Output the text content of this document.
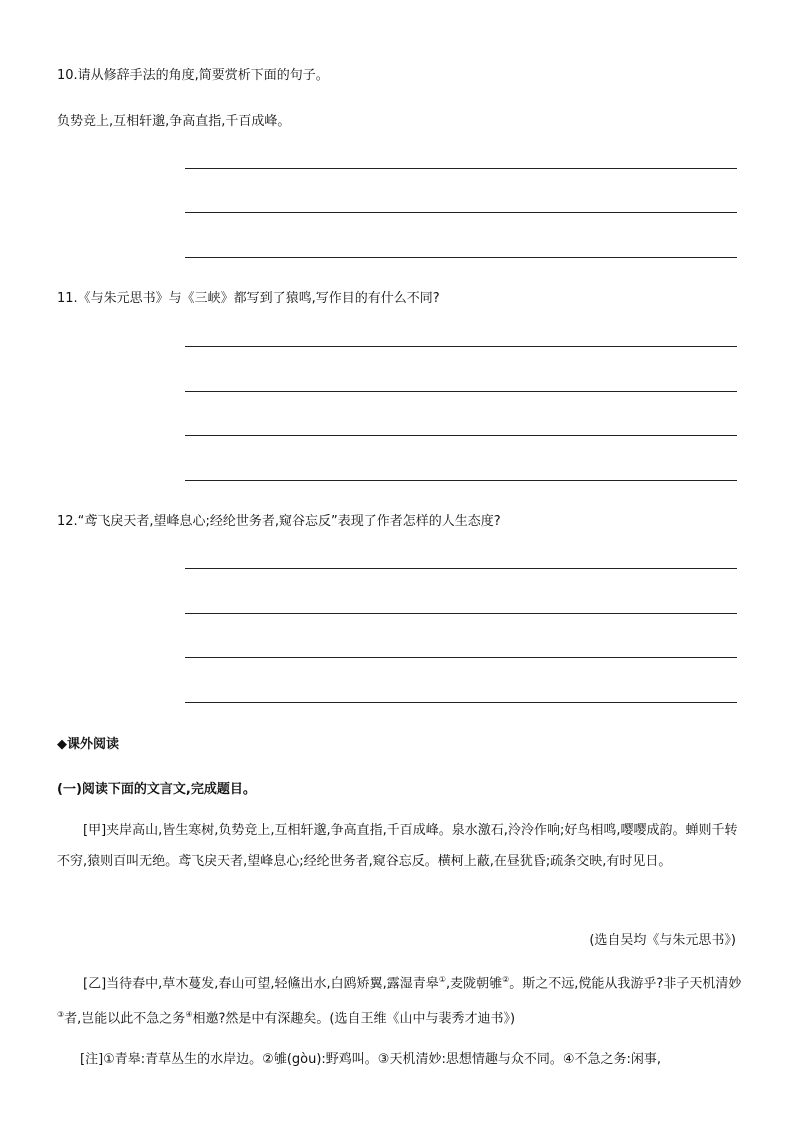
10.请从修辞手法的角度,简要赏析下面的句子。
负势竞上,互相轩邈,争高直指,千百成峰。
11.《与朱元思书》与《三峡》都写到了猿鸣,写作目的有什么不同?
12.“鸢飞戾天者,望峰息心;经纶世务者,窥谷忘反”表现了作者怎样的人生态度?
◆课外阅读
(一)阅读下面的文言文,完成题目。
[甲]夹岸高山,皆生寒树,负势竞上,互相轩邈,争高直指,千百成峰。泉水激石,泠泠作响;好鸟相鸣,嘤嘤成韵。蝉则千转不穷,猿则百叫无绝。鸢飞戾天者,望峰息心;经纶世务者,窥谷忘反。横柯上蔽,在昼犹昏;疏条交映,有时见日。
(选自吴均《与朱元思书》)
[乙]当待春中,草木蔓发,春山可望,轻鯈出水,白鸥矫翼,露湿青皋①,麦陇朝雊②。斯之不远,傥能从我游乎?非子天机清妙③者,岂能以此不急之务④相邀?然是中有深趣矣。(选自王维《山中与裴秀才迪书》)
[注]①青皋:青草丛生的水岸边。②雊(gòu):野鸡叫。③天机清妙:思想情趣与众不同。④不急之务:闲事,
